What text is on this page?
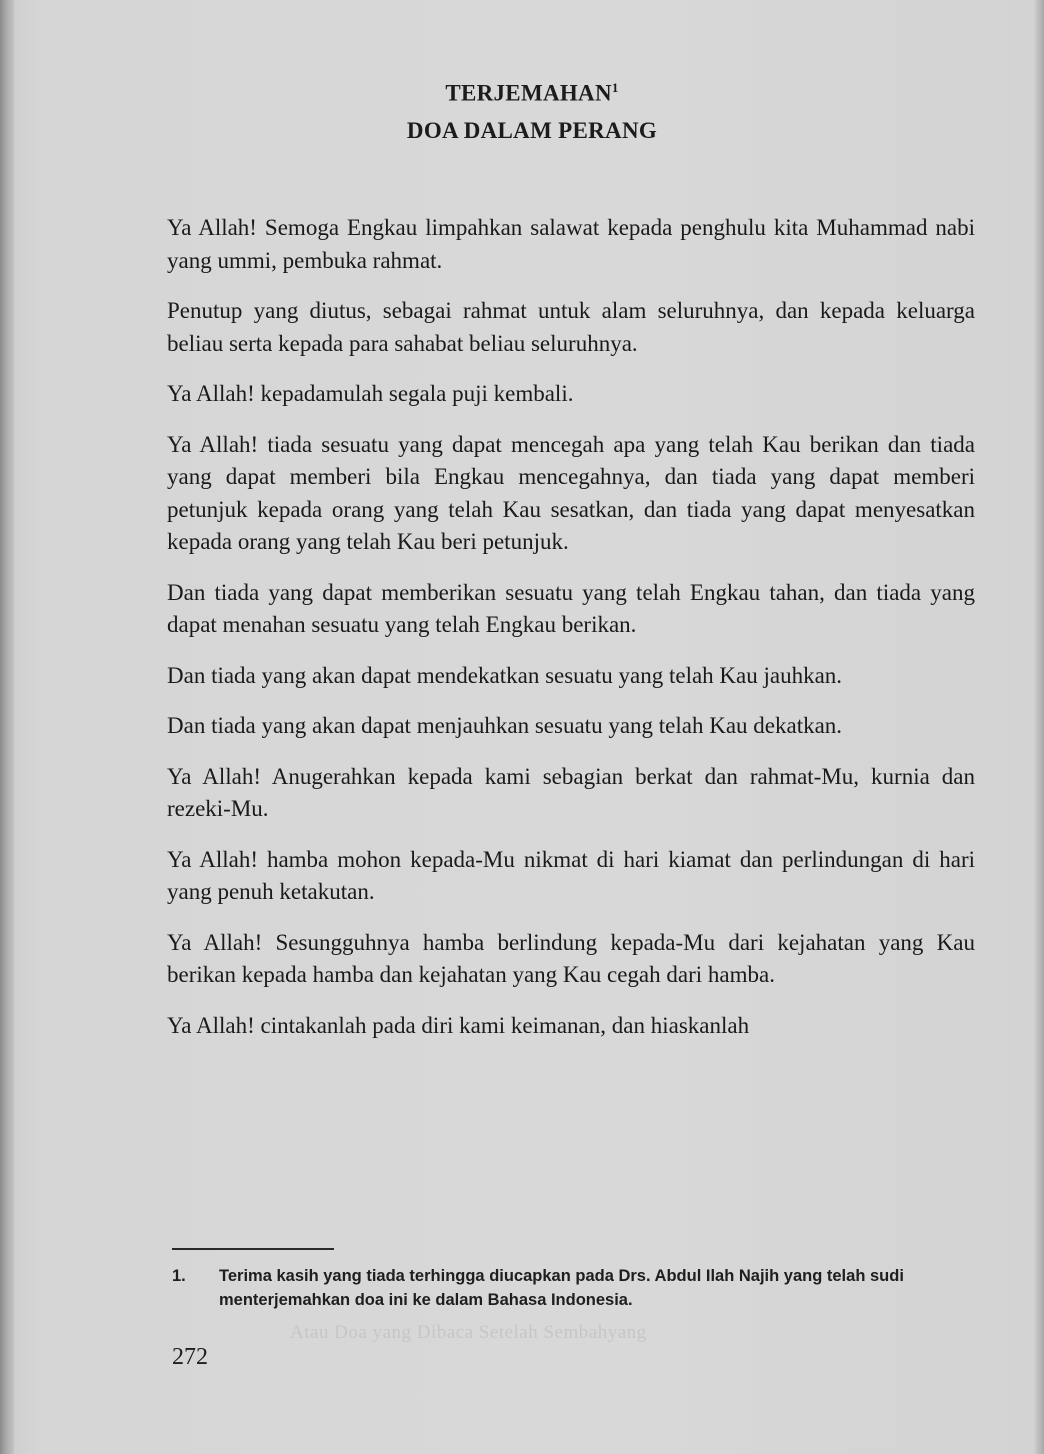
TERJEMAHAN$^1$
DOA DALAM PERANG

Ya Allah! Semoga Engkau limpahkan salawat kepada penghulu kita Muhammad nabi yang ummi, pembuka rahmat.

Penutup yang diutus, sebagai rahmat untuk alam seluruhnya, dan kepada keluarga beliau serta kepada para sahabat beliau seluruhnya.

Ya Allah! kepadamulah segala puji kembali.

Ya Allah! tiada sesuatu yang dapat mencegah apa yang telah Kau berikan dan tiada yang dapat memberi bila Engkau mencegahnya, dan tiada yang dapat memberi petunjuk kepada orang yang telah Kau sesatkan, dan tiada yang dapat menyesatkan kepada orang yang telah Kau beri petunjuk.

Dan tiada yang dapat memberikan sesuatu yang telah Engkau tahan, dan tiada yang dapat menahan sesuatu yang telah Engkau berikan.

Dan tiada yang akan dapat mendekatkan sesuatu yang telah Kau jauhkan.

Dan tiada yang akan dapat menjauhkan sesuatu yang telah Kau dekatkan.

Ya Allah! Anugerahkan kepada kami sebagian berkat dan rahmat-Mu, kurnia dan rezeki-Mu.

Ya Allah! hamba mohon kepada-Mu nikmat di hari kiamat dan perlindungan di hari yang penuh ketakutan.

Ya Allah! Sesungguhnya hamba berlindung kepada-Mu dari kejahatan yang Kau berikan kepada hamba dan kejahatan yang Kau cegah dari hamba.

Ya Allah! cintakanlah pada diri kami keimanan, dan hiaskanlah

1. Terima kasih yang tiada terhingga diucapkan pada Drs. Abdul Ilah Najih yang telah sudi menterjemahkan doa ini ke dalam Bahasa Indonesia.
Atau Doa yang Dibaca Setelah Sembahyang
272
